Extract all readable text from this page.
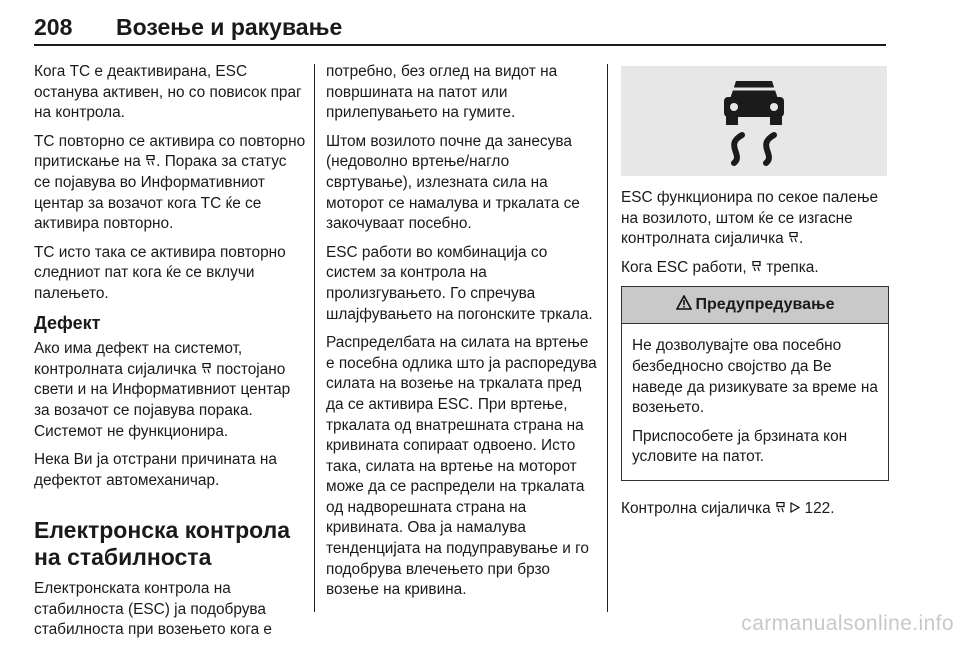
208 Возење и ракување

Кога TC е деактивирана, ESC останува активен, но со повисок праг на контрола.

TC повторно се активира со повторно притискање на . Порака за статус се појавува во Информативниот центар за возачот кога TC ќе се активира повторно.

TC исто така се активира повторно следниот пат кога ќе се вклучи палењето.

Дефект

Ако има дефект на системот, контролната сијаличка постојано свети и на Информативниот центар за возачот се појавува порака. Системот не функционира.

Нека Ви ја отстрани причината на дефектот автомеханичар.

Електронска контрола на стабилноста

Електронската контрола на стабилноста (ESC) ја подобрува стабилноста при возењето кога е

потребно, без оглед на видот на површината на патот или прилепувањето на гумите.

Штом возилото почне да занесува (недоволно вртење/нагло свртување), излезната сила на моторот се намалува и тркалата се закочуваат посебно.

ESC работи во комбинација со систем за контрола на пролизгувањето. Го спречува шлајфувањето на погонските тркала.

Распределбата на силата на вртење е посебна одлика што ја распоредува силата на возење на тркалата пред да се активира ESC. При вртење, тркалата од внатрешната страна на кривината сопираат одвоено. Исто така, силата на вртење на моторот може да се распредели на тркалата од надворешната страна на кривината. Ова ја намалува тенденцијата на подуправување и го подобрува влечењето при брзо возење на кривина.

ESC функционира по секое палење на возилото, штом ќе се изгасне контролната сијаличка .

Кога ESC работи, трепка.

Предупредување

Не дозволувајте ова посебно безбедносно својство да Ве наведе да ризикувате за време на возењето.

Приспособете ја брзината кон условите на патот.

Контролна сијаличка 122.

carmanualsonline.info
